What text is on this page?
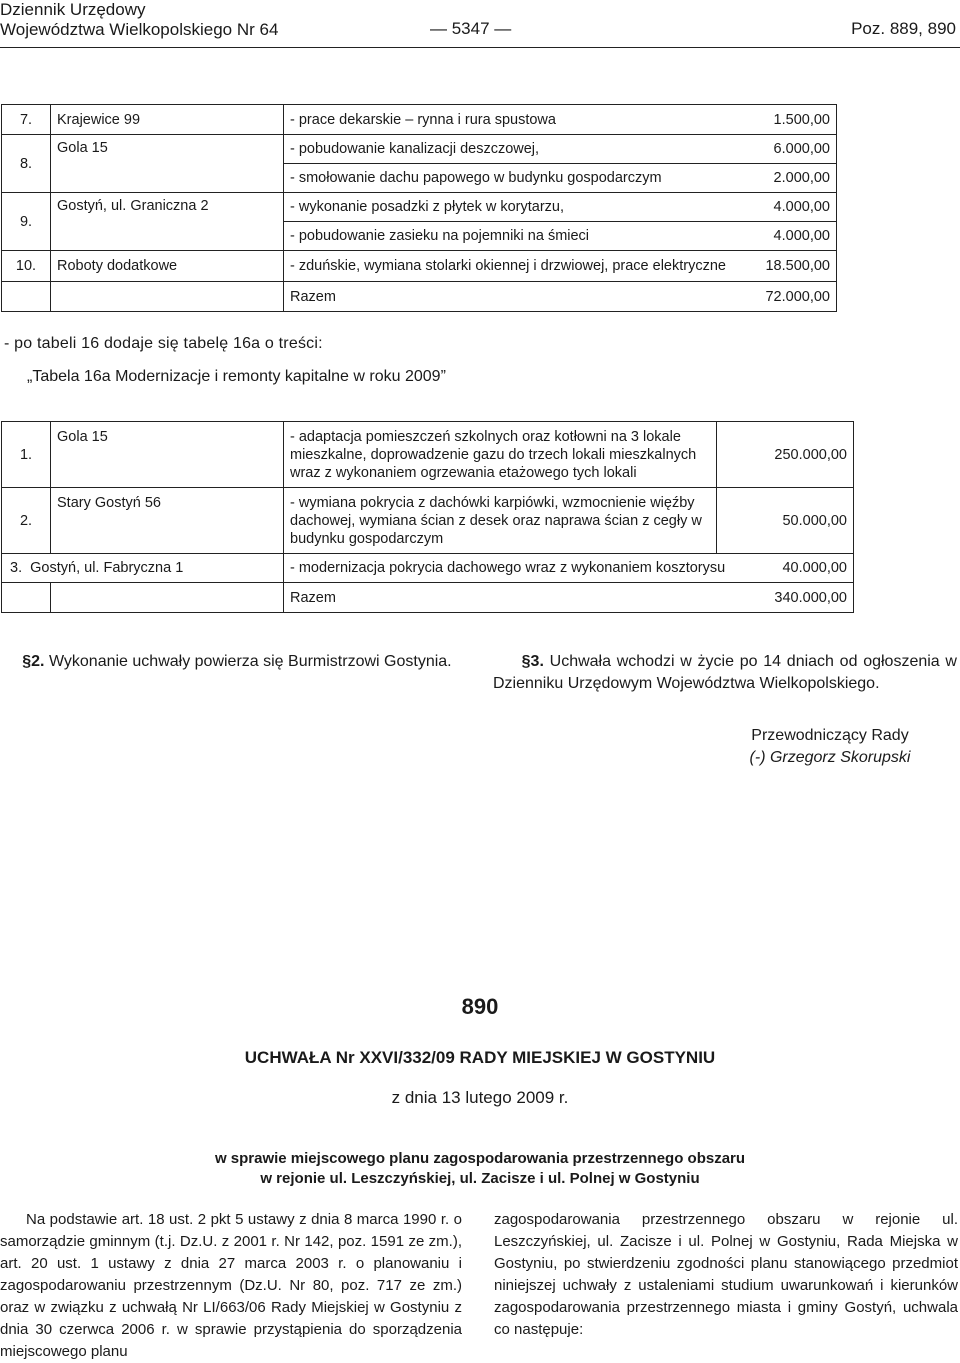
Dziennik Urzędowy
Województwa Wielkopolskiego Nr 64	— 5347 —	Poz. 889, 890
7.	Krajewice 99	- prace dekarskie – rynna i rura spustowa 1.500,00

8.	Gola 15	- pobudowanie kanalizacji deszczowej, 6.000,00

		- smołowanie dachu papowego w budynku gospodarczym 2.000,00

9.	Gostyń, ul. Graniczna 2	- wykonanie posadzki z płytek w korytarzu, 4.000,00

		- pobudowanie zasieku na pojemniki na śmieci 4.000,00

10.	Roboty dodatkowe	- zduńskie, wymiana stolarki okiennej i drzwiowej, prace elektryczne 18.500,00

		Razem 72.000,00
- po tabeli 16 dodaje się tabelę 16a o treści:
„Tabela 16a Modernizacje i remonty kapitalne w roku 2009”
1.	Gola 15	- adaptacja pomieszczeń szkolnych oraz kotłowni na 3 lokale mieszkalne, doprowadzenie gazu do trzech lokali mieszkalnych wraz z wykonaniem ogrzewania etażowego tych lokali	250.000,00
2.	Stary Gostyń 56	- wymiana pokrycia z dachówki karpiówki, wzmocnienie więźby dachowej, wymiana ścian z desek oraz naprawa ścian z cegły w budynku gospodarczym	50.000,00
3. Gostyń, ul. Fabryczna 1		- modernizacja pokrycia dachowego wraz z wykonaniem kosztorysu 40.000,00	

		Razem 340.000,00	
§2. Wykonanie uchwały powierza się Burmistrzowi Gostynia.	§3. Uchwała wchodzi w życie po 14 dniach od ogłoszenia w Dzienniku Urzędowym Województwa Wielkopolskiego.
Przewodniczący Rady
(-) Grzegorz Skorupski
890
UCHWAŁA Nr XXVI/332/09 RADY MIEJSKIEJ W GOSTYNIU
z dnia 13 lutego 2009 r.
w sprawie miejscowego planu zagospodarowania przestrzennego obszaru
w rejonie ul. Leszczyńskiej, ul. Zacisze i ul. Polnej w Gostyniu
Na podstawie art. 18 ust. 2 pkt 5 ustawy z dnia 8 marca 1990 r. o samorządzie gminnym (t.j. Dz.U. z 2001 r. Nr 142, poz. 1591 ze zm.), art. 20 ust. 1 ustawy z dnia 27 marca 2003 r. o planowaniu i zagospodarowaniu przestrzennym (Dz.U. Nr 80, poz. 717 ze zm.) oraz w związku z uchwałą Nr LI/663/06 Rady Miejskiej w Gostyniu z dnia 30 czerwca 2006 r. w sprawie przystąpienia do sporządzenia miejscowego planu
zagospodarowania przestrzennego obszaru w rejonie ul. Leszczyńskiej, ul. Zacisze i ul. Polnej w Gostyniu, Rada Miejska w Gostyniu, po stwierdzeniu zgodności planu stanowiącego przedmiot niniejszej uchwały z ustaleniami studium uwarunkowań i kierunków zagospodarowania przestrzennego miasta i gminy Gostyń, uchwala co następuje:
